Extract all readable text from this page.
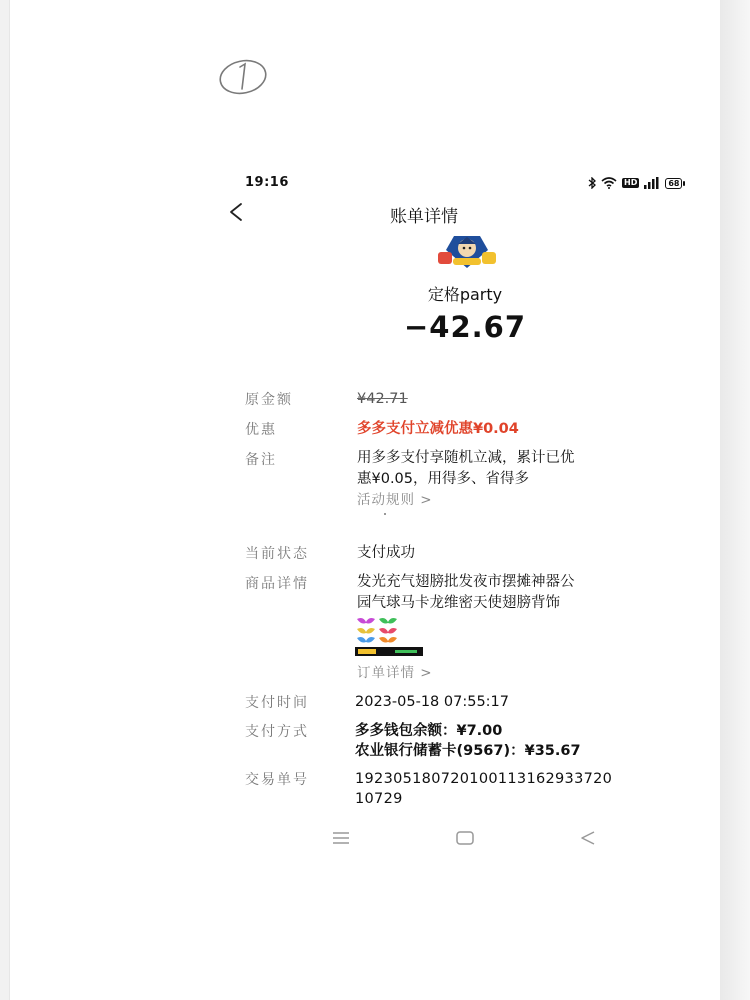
19:16	HD	68
账单详情
定格party
−42.67
原金额	¥42.71
优惠	多多支付立减优惠¥0.04
备注	用多多支付享随机立减，累计已优
惠¥0.05，用得多、省得多
活动规则 >
当前状态	支付成功
商品详情	发光充气翅膀批发夜市摆摊神器公
园气球马卡龙维密天使翅膀背饰
订单详情 >
支付时间	2023-05-18 07:55:17
支付方式	多多钱包余额：¥7.00
农业银行储蓄卡(9567)：¥35.67
交易单号	192305180720100113162933720
10729
